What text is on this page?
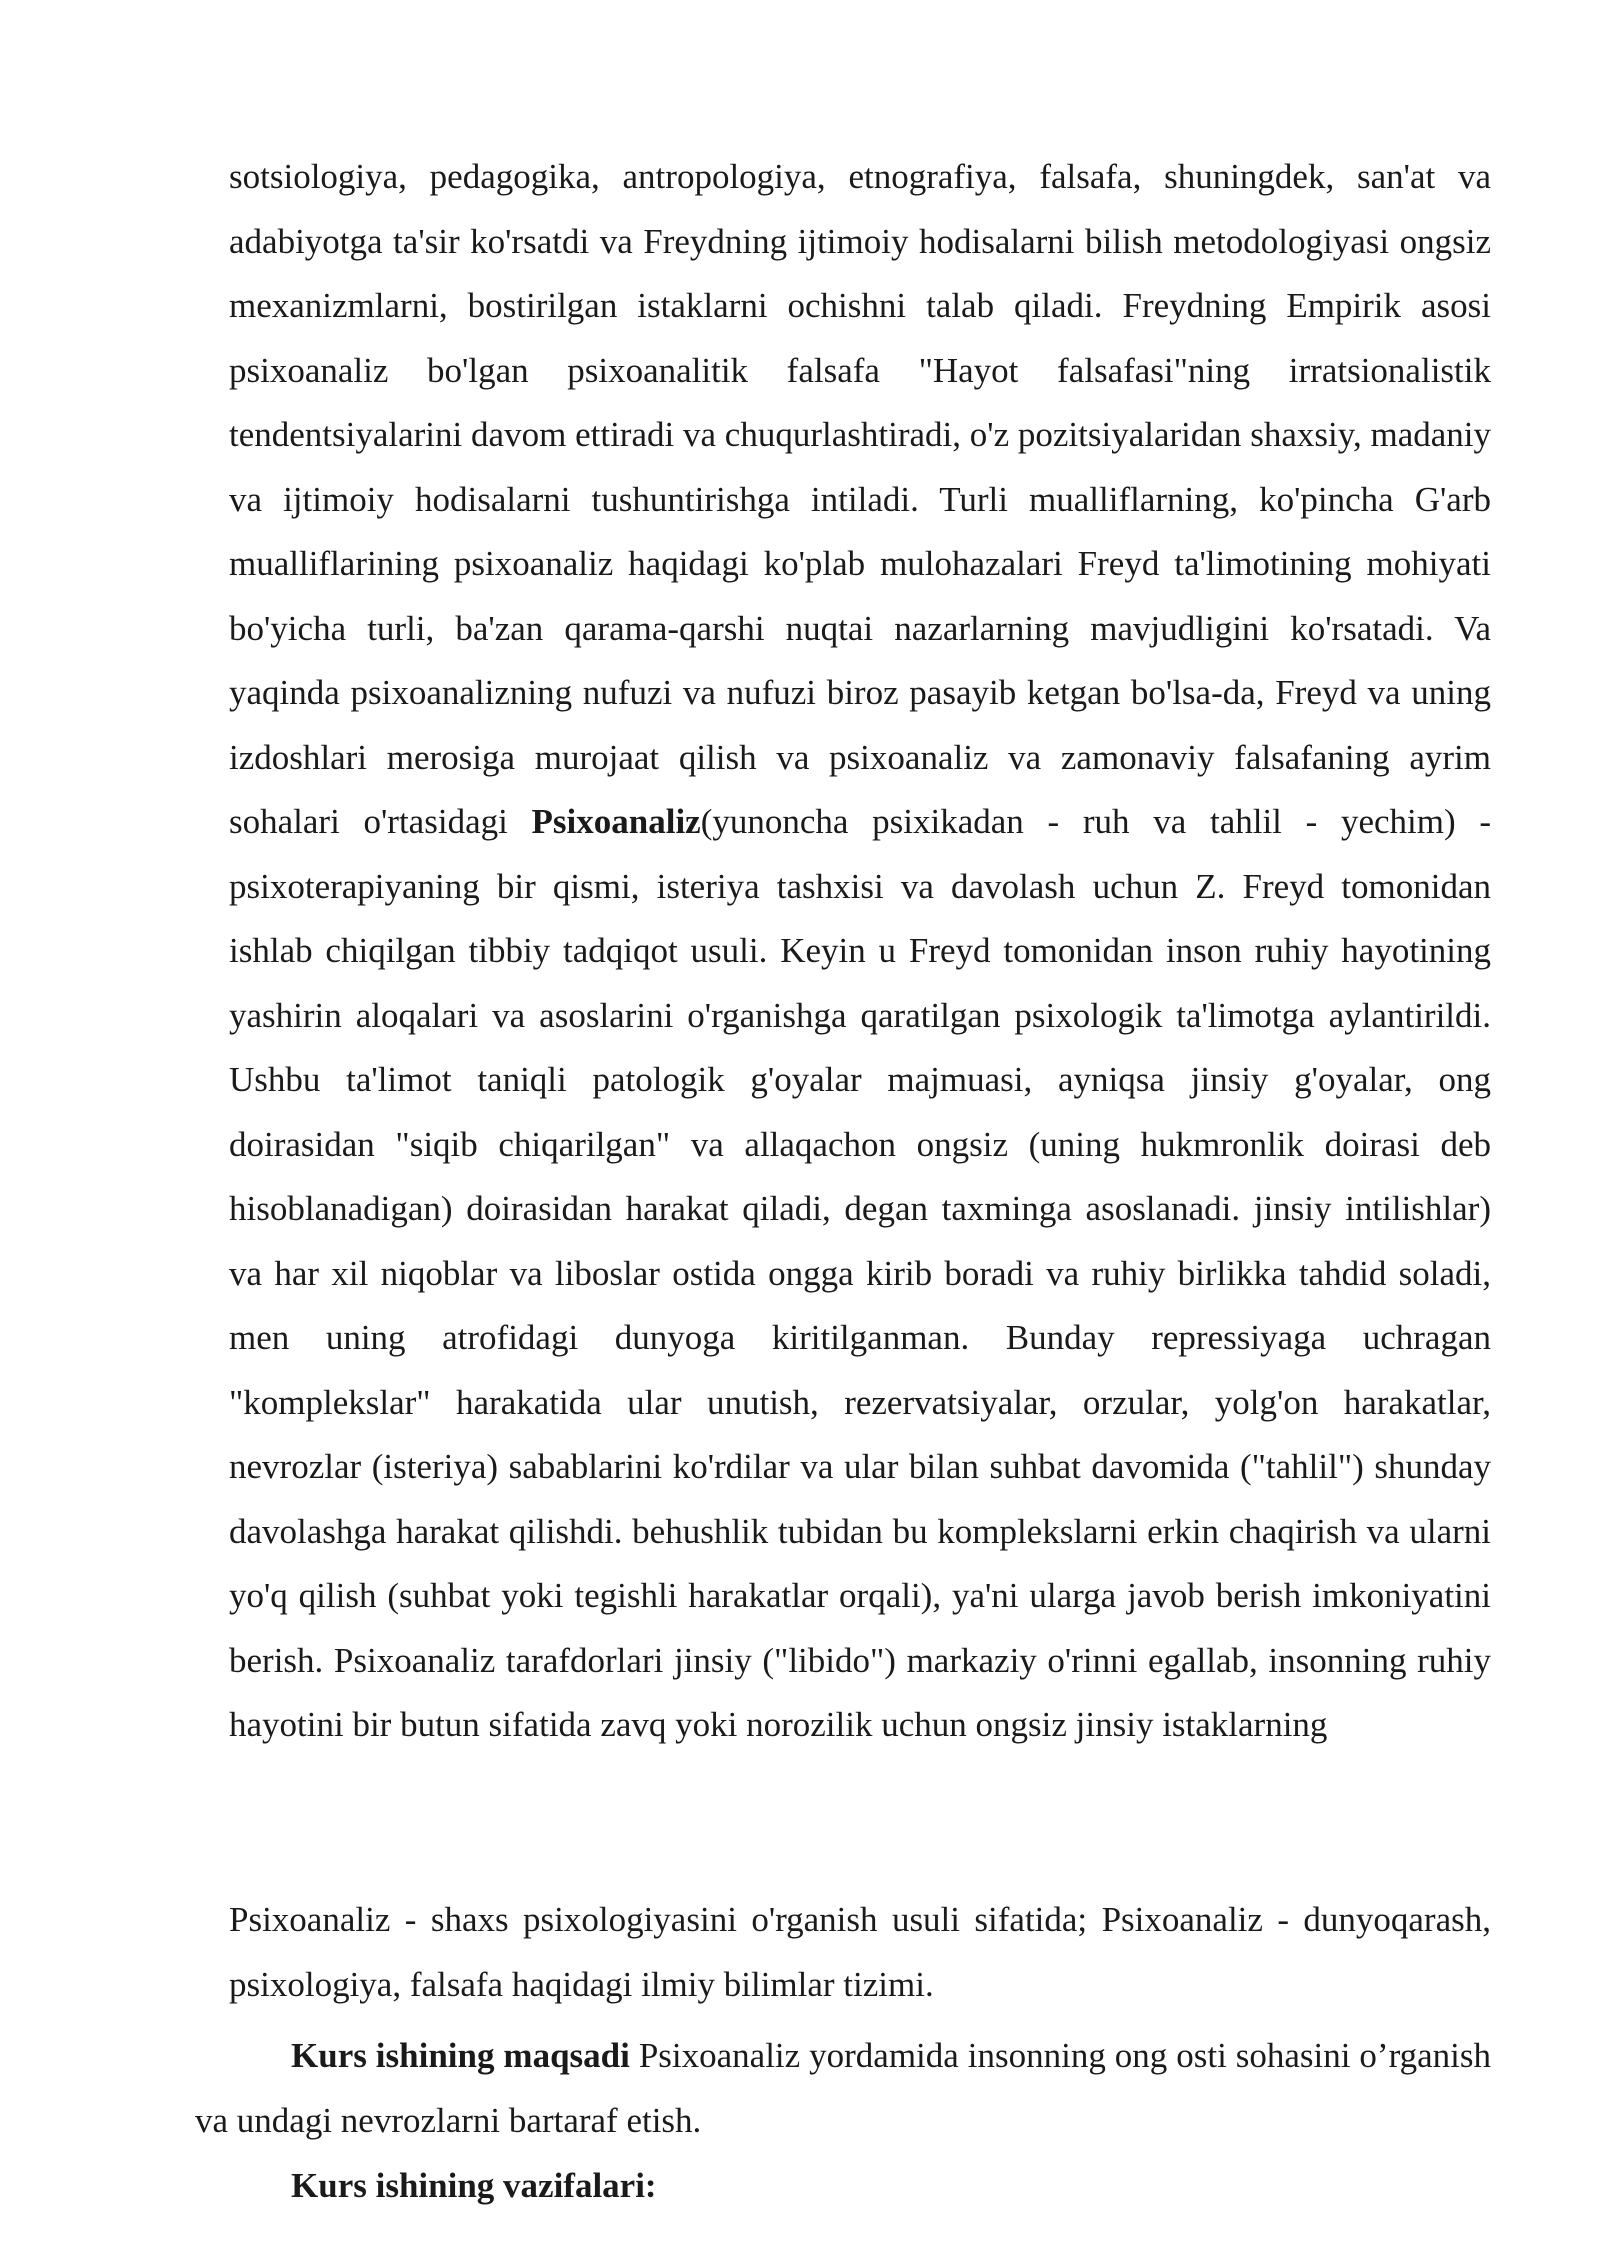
sotsiologiya, pedagogika, antropologiya, etnografiya, falsafa, shuningdek, san'at va adabiyotga ta'sir ko'rsatdi va Freydning ijtimoiy hodisalarni bilish metodologiyasi ongsiz mexanizmlarni, bostirilgan istaklarni ochishni talab qiladi. Freydning Empirik asosi psixoanaliz bo'lgan psixoanalitik falsafa "Hayot falsafasi"ning irratsionalistik tendentsiyalarini davom ettiradi va chuqurlashtiradi, o'z pozitsiyalaridan shaxsiy, madaniy va ijtimoiy hodisalarni tushuntirishga intiladi. Turli mualliflarning, ko'pincha G'arb mualliflarining psixoanaliz haqidagi ko'plab mulohazalari Freyd ta'limotining mohiyati bo'yicha turli, ba'zan qarama-qarshi nuqtai nazarlarning mavjudligini ko'rsatadi. Va yaqinda psixoanalizning nufuzi va nufuzi biroz pasayib ketgan bo'lsa-da, Freyd va uning izdoshlari merosiga murojaat qilish va psixoanaliz va zamonaviy falsafaning ayrim sohalari o'rtasidagi Psixoanaliz(yunoncha psixikadan - ruh va tahlil - yechim) - psixoterapiyaning bir qismi, isteriya tashxisi va davolash uchun Z. Freyd tomonidan ishlab chiqilgan tibbiy tadqiqot usuli. Keyin u Freyd tomonidan inson ruhiy hayotining yashirin aloqalari va asoslarini o'rganishga qaratilgan psixologik ta'limotga aylantirildi. Ushbu ta'limot taniqli patologik g'oyalar majmuasi, ayniqsa jinsiy g'oyalar, ong doirasidan "siqib chiqarilgan" va allaqachon ongsiz (uning hukmronlik doirasi deb hisoblanadigan) doirasidan harakat qiladi, degan taxminga asoslanadi. jinsiy intilishlar) va har xil niqoblar va liboslar ostida ongga kirib boradi va ruhiy birlikka tahdid soladi, men uning atrofidagi dunyoga kiritilganman. Bunday repressiyaga uchragan "komplekslar" harakatida ular unutish, rezervatsiyalar, orzular, yolg'on harakatlar, nevrozlar (isteriya) sabablarini ko'rdilar va ular bilan suhbat davomida ("tahlil") shunday davolashga harakat qilishdi. behushlik tubidan bu komplekslarni erkin chaqirish va ularni yo'q qilish (suhbat yoki tegishli harakatlar orqali), ya'ni ularga javob berish imkoniyatini berish. Psixoanaliz tarafdorlari jinsiy ("libido") markaziy o'rinni egallab, insonning ruhiy hayotini bir butun sifatida zavq yoki norozilik uchun ongsiz jinsiy istaklarning

Psixoanaliz - shaxs psixologiyasini o'rganish usuli sifatida; Psixoanaliz - dunyoqarash, psixologiya, falsafa haqidagi ilmiy bilimlar tizimi.

Kurs ishining maqsadi Psixoanaliz yordamida insonning ong osti sohasini o’rganish va undagi nevrozlarni bartaraf etish.

Kurs ishining vazifalari:
